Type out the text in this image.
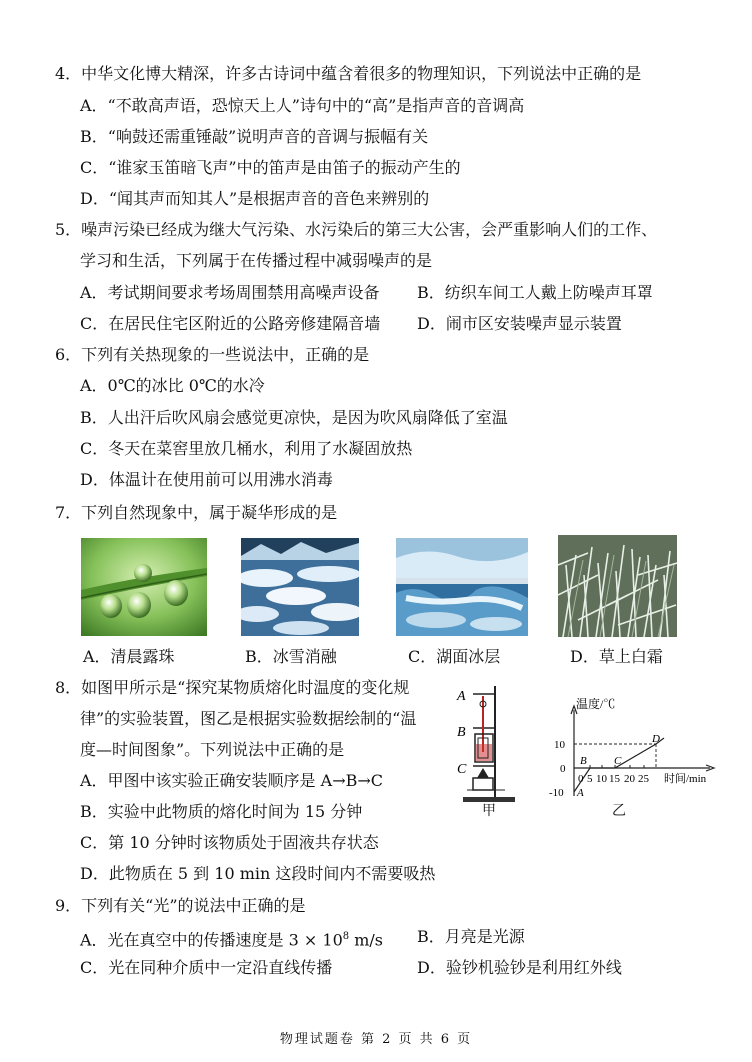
4．中华文化博大精深，许多古诗词中蕴含着很多的物理知识，下列说法中正确的是
A．“不敢高声语，恐惊天上人”诗句中的“高”是指声音的音调高
B．“响鼓还需重锤敲”说明声音的音调与振幅有关
C．“谁家玉笛暗飞声”中的笛声是由笛子的振动产生的
D．“闻其声而知其人”是根据声音的音色来辨别的
5．噪声污染已经成为继大气污染、水污染后的第三大公害，会严重影响人们的工作、
学习和生活，下列属于在传播过程中减弱噪声的是
A．考试期间要求考场周围禁用高噪声设备 B．纺织车间工人戴上防噪声耳罩
C．在居民住宅区附近的公路旁修建隔音墙 D．闹市区安装噪声显示装置
6．下列有关热现象的一些说法中，正确的是
A．0℃的冰比 0℃的水冷
B．人出汗后吹风扇会感觉更凉快，是因为吹风扇降低了室温
C．冬天在菜窖里放几桶水，利用了水凝固放热
D．体温计在使用前可以用沸水消毒
7．下列自然现象中，属于凝华形成的是
A．清晨露珠	B．冰雪消融	C．湖面冰层	D．草上白霜
8．如图甲所示是“探究某物质熔化时温度的变化规
律”的实验装置，图乙是根据实验数据绘制的“温
度—时间图象”。下列说法中正确的是
A．甲图中该实验正确安装顺序是 A→B→C
B．实验中此物质的熔化时间为 15 分钟
C．第 10 分钟时该物质处于固液共存状态
D．此物质在 5 到 10 min 这段时间内不需要吸热
A
B
C
甲
温度/℃
10
0
-10
0 5 10 15 20 25 时间/min
A
B C
D
乙
9．下列有关“光”的说法中正确的是
A．光在真空中的传播速度是 $3 \times 10^8$ m/s B．月亮是光源
C．光在同种介质中一定沿直线传播	D．验钞机验钞是利用红外线
物理试题卷 第 2 页 共 6 页
